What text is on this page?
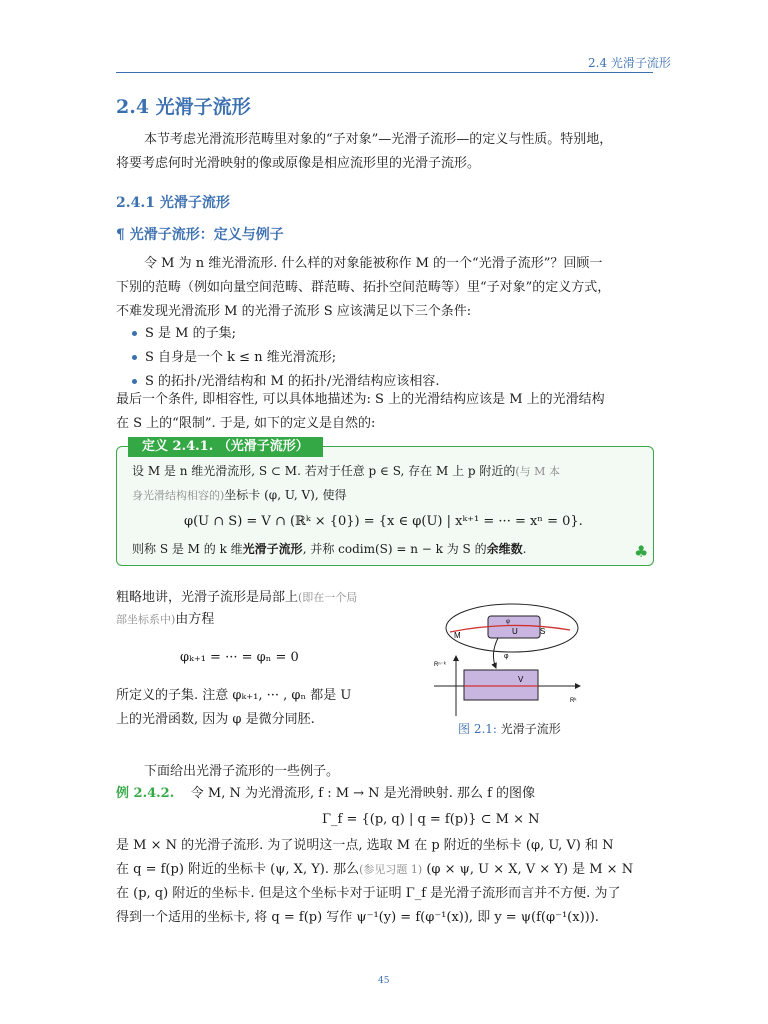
2.4 光滑子流形
2.4 光滑子流形
本节考虑光滑流形范畴里对象的“子对象”—光滑子流形—的定义与性质。特别地，
将要考虑何时光滑映射的像或原像是相应流形里的光滑子流形。
2.4.1 光滑子流形
¶ 光滑子流形：定义与例子
令 M 为 n 维光滑流形. 什么样的对象能被称作 M 的一个“光滑子流形”？回顾一
下别的范畴（例如向量空间范畴、群范畴、拓扑空间范畴等）里“子对象”的定义方式，
不难发现光滑流形 M 的光滑子流形 S 应该满足以下三个条件:
S 是 M 的子集;
S 自身是一个 k ≤ n 维光滑流形;
S 的拓扑/光滑结构和 M 的拓扑/光滑结构应该相容.
最后一个条件, 即相容性, 可以具体地描述为: S 上的光滑结构应该是 M 上的光滑结构
在 S 上的“限制”. 于是, 如下的定义是自然的:
定义 2.4.1. （光滑子流形）
设 M 是 n 维光滑流形, S ⊂ M. 若对于任意 p ∈ S, 存在 M 上 p 附近的(与 M 本
身光滑结构相容的)坐标卡 (φ, U, V), 使得
φ(U ∩ S) = V ∩ (ℝᵏ × {0}) = {x ∈ φ(U) | xᵏ⁺¹ = ··· = xⁿ = 0}.
则称 S 是 M 的 k 维光滑子流形, 并称 codim(S) = n − k 为 S 的余维数.	♣
粗略地讲，光滑子流形是局部上(即在一个局
部坐标系中)由方程
φₖ₊₁ = ··· = φₙ = 0
所定义的子集. 注意 φₖ₊₁, ··· , φₙ 都是 U
上的光滑函数, 因为 φ 是微分同胚.
M	U	S
φ
φ
V
Rⁿ⁻ᵏ
Rᵏ
图 2.1: 光滑子流形
下面给出光滑子流形的一些例子。
例 2.4.2. 令 M, N 为光滑流形, f : M → N 是光滑映射. 那么 f 的图像
Γ_f = {(p, q) | q = f(p)} ⊂ M × N
是 M × N 的光滑子流形. 为了说明这一点, 选取 M 在 p 附近的坐标卡 (φ, U, V) 和 N
在 q = f(p) 附近的坐标卡 (ψ, X, Y). 那么(参见习题 1) (φ × ψ, U × X, V × Y) 是 M × N
在 (p, q) 附近的坐标卡. 但是这个坐标卡对于证明 Γ_f 是光滑子流形而言并不方便. 为了
得到一个适用的坐标卡, 将 q = f(p) 写作 ψ⁻¹(y) = f(φ⁻¹(x)), 即 y = ψ(f(φ⁻¹(x))).
45
